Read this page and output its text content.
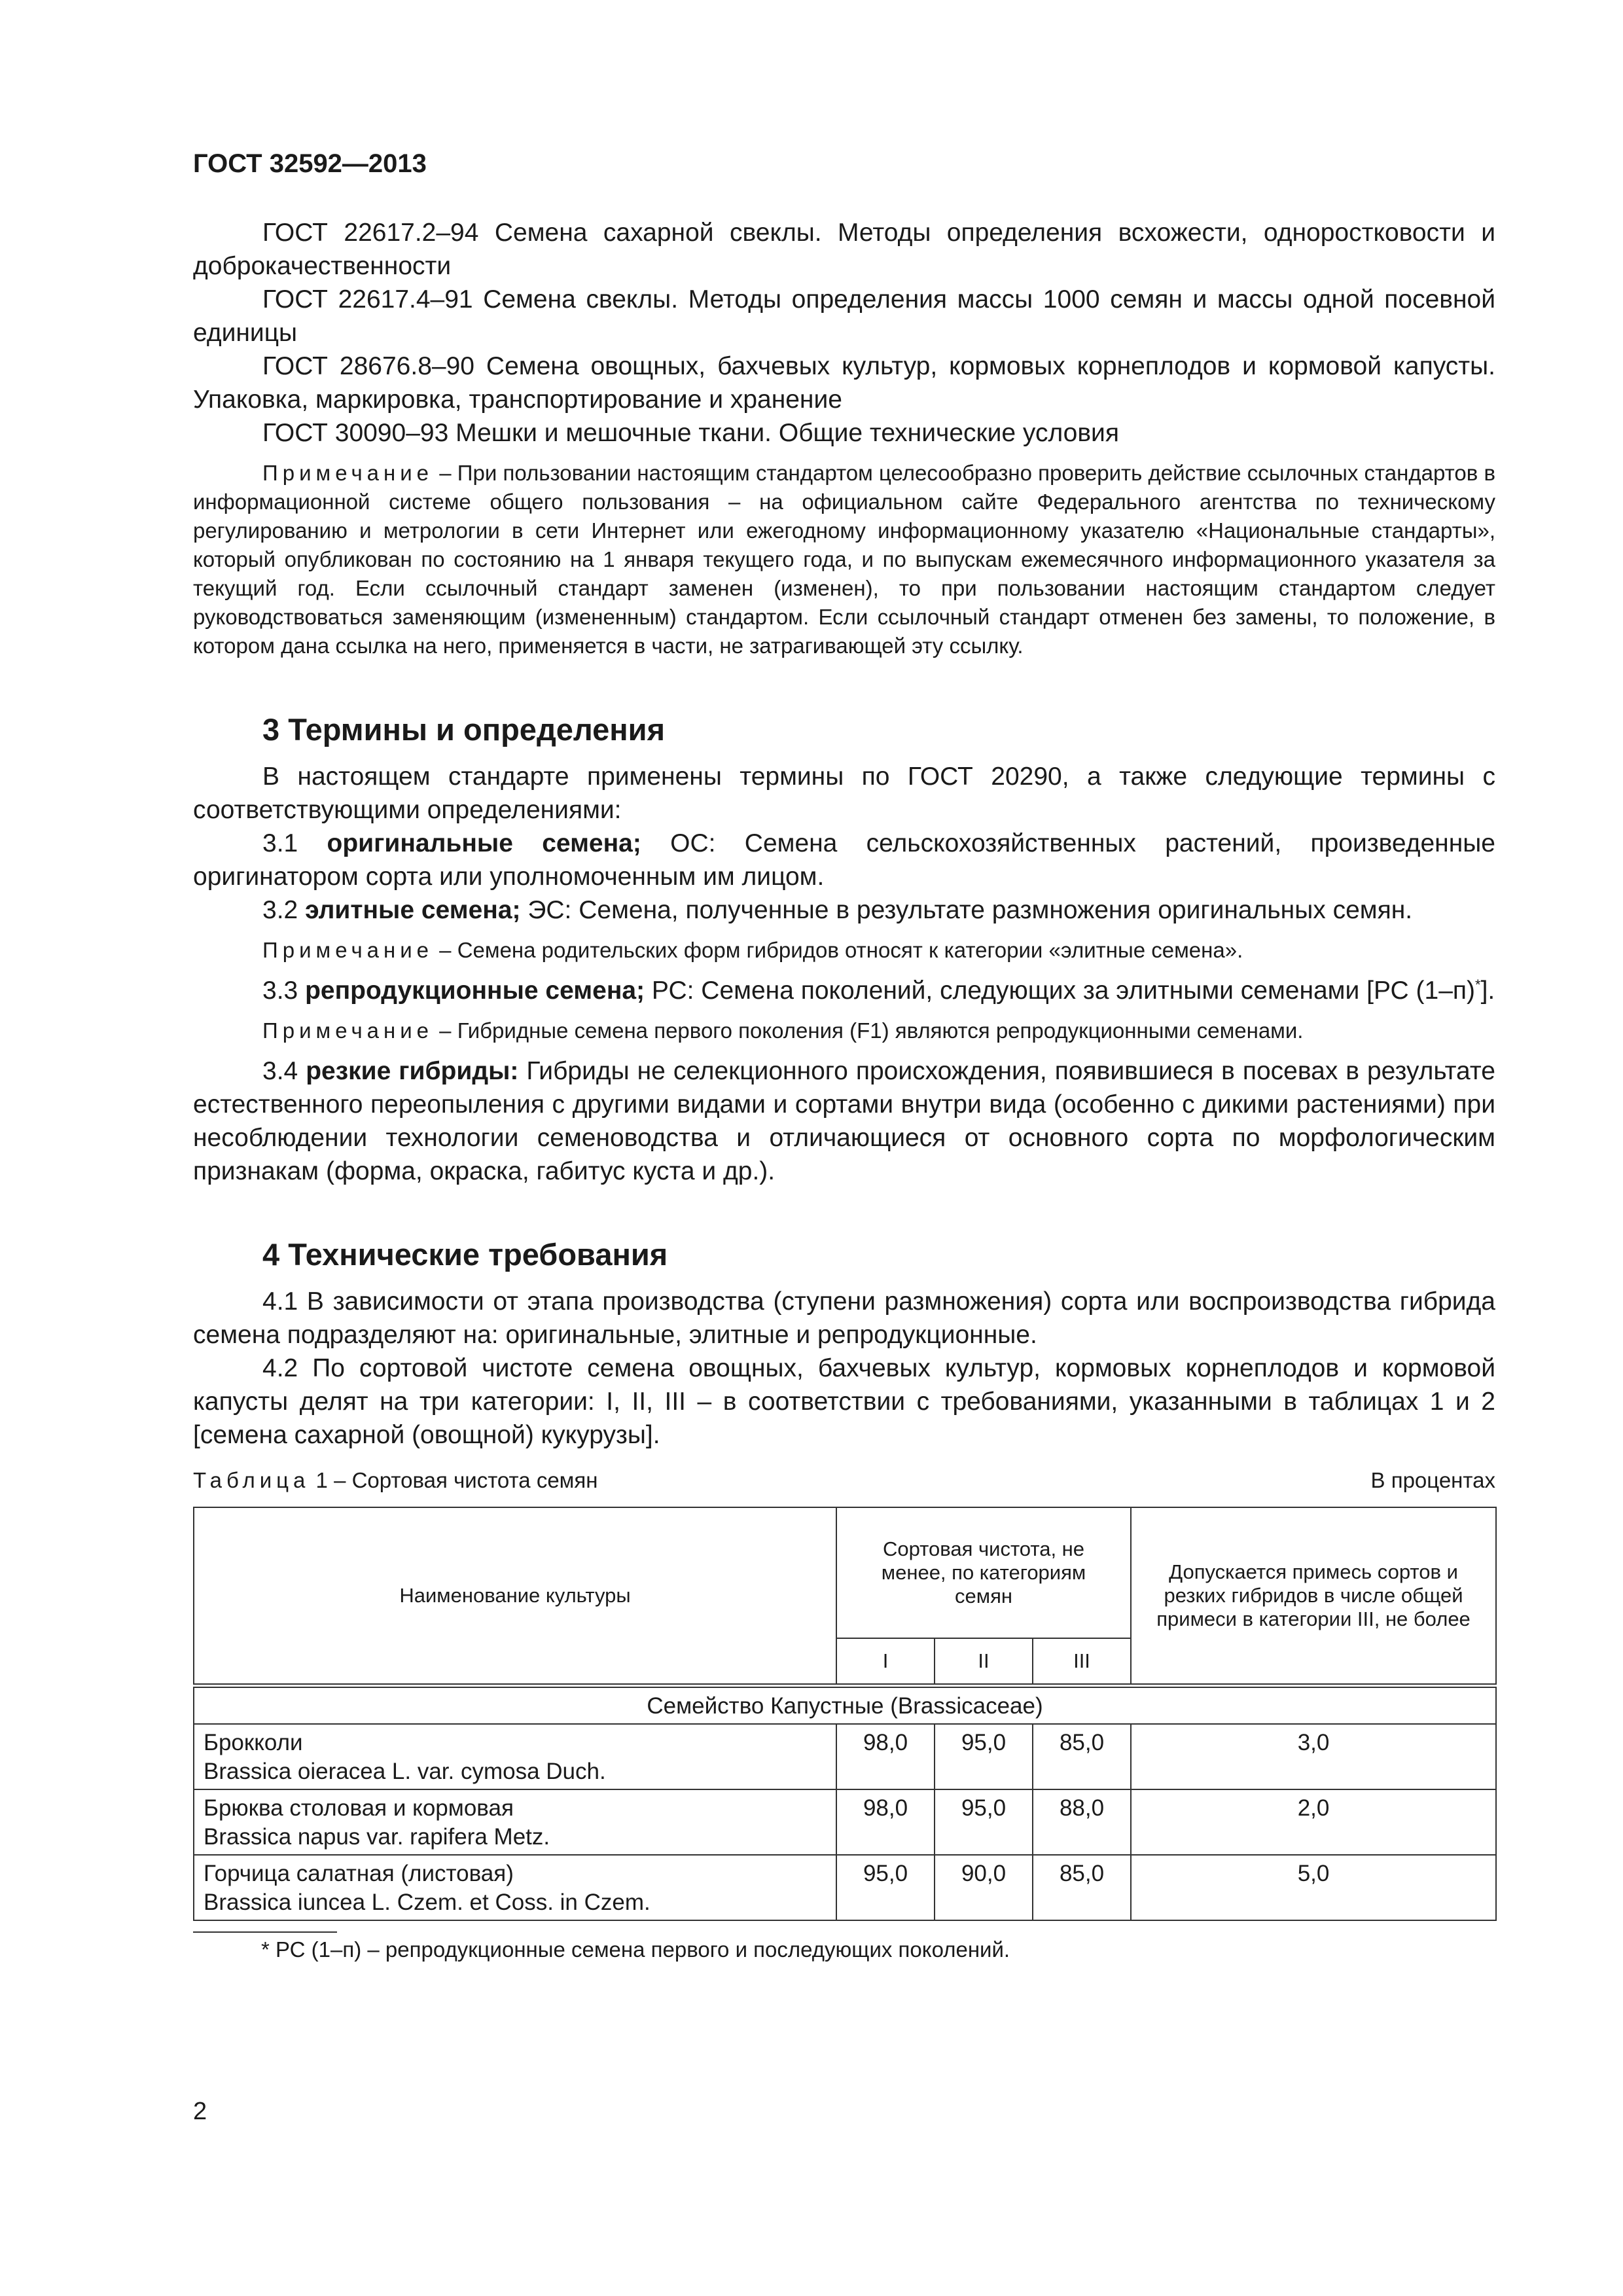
ГОСТ 32592—2013

ГОСТ 22617.2–94 Семена сахарной свеклы. Методы определения всхожести, одноростковости и доброкачественности

ГОСТ 22617.4–91 Семена свеклы. Методы определения массы 1000 семян и массы одной посевной единицы

ГОСТ 28676.8–90 Семена овощных, бахчевых культур, кормовых корнеплодов и кормовой капусты. Упаковка, маркировка, транспортирование и хранение

ГОСТ 30090–93 Мешки и мешочные ткани. Общие технические условия

Примечание – При пользовании настоящим стандартом целесообразно проверить действие ссылочных стандартов в информационной системе общего пользования – на официальном сайте Федерального агентства по техническому регулированию и метрологии в сети Интернет или ежегодному информационному указателю «Национальные стандарты», который опубликован по состоянию на 1 января текущего года, и по выпускам ежемесячного информационного указателя за текущий год. Если ссылочный стандарт заменен (изменен), то при пользовании настоящим стандартом следует руководствоваться заменяющим (измененным) стандартом. Если ссылочный стандарт отменен без замены, то положение, в котором дана ссылка на него, применяется в части, не затрагивающей эту ссылку.

3 Термины и определения

В настоящем стандарте применены термины по ГОСТ 20290, а также следующие термины с соответствующими определениями:

3.1 оригинальные семена; ОС: Семена сельскохозяйственных растений, произведенные оригинатором сорта или уполномоченным им лицом.

3.2 элитные семена; ЭС: Семена, полученные в результате размножения оригинальных семян.

Примечание – Семена родительских форм гибридов относят к категории «элитные семена».

3.3 репродукционные семена; РС: Семена поколений, следующих за элитными семенами [РС (1–п)*].

Примечание – Гибридные семена первого поколения (F1) являются репродукционными семенами.

3.4 резкие гибриды: Гибриды не селекционного происхождения, появившиеся в посевах в результате естественного переопыления с другими видами и сортами внутри вида (особенно с дикими растениями) при несоблюдении технологии семеноводства и отличающиеся от основного сорта по морфологическим признакам (форма, окраска, габитус куста и др.).

4 Технические требования

4.1 В зависимости от этапа производства (ступени размножения) сорта или воспроизводства гибрида семена подразделяют на: оригинальные, элитные и репродукционные.

4.2 По сортовой чистоте семена овощных, бахчевых культур, кормовых корнеплодов и кормовой капусты делят на три категории: I, II, III – в соответствии с требованиями, указанными в таблицах 1 и 2 [семена сахарной (овощной) кукурузы].

Таблица 1 – Сортовая чистота семян	В процентах
Наименование культуры	Сортовая чистота, не менее, по категориям семян			Допускается примесь сортов и резких гибридов в числе общей примеси в категории III, не более
	I	II	III	
Семейство Капустные (Brassicaceae)				

Брокколи
Brassica oieracea L. var. cymosa Duch.	98,0	95,0	85,0	3,0

Брюква столовая и кормовая
Brassica napus var. rapifera Metz.	98,0	95,0	88,0	2,0

Горчица салатная (листовая)
Brassica iuncea L. Czem. et Coss. in Czem.	95,0	90,0	85,0	5,0

* РС (1–п) – репродукционные семена первого и последующих поколений.

2
